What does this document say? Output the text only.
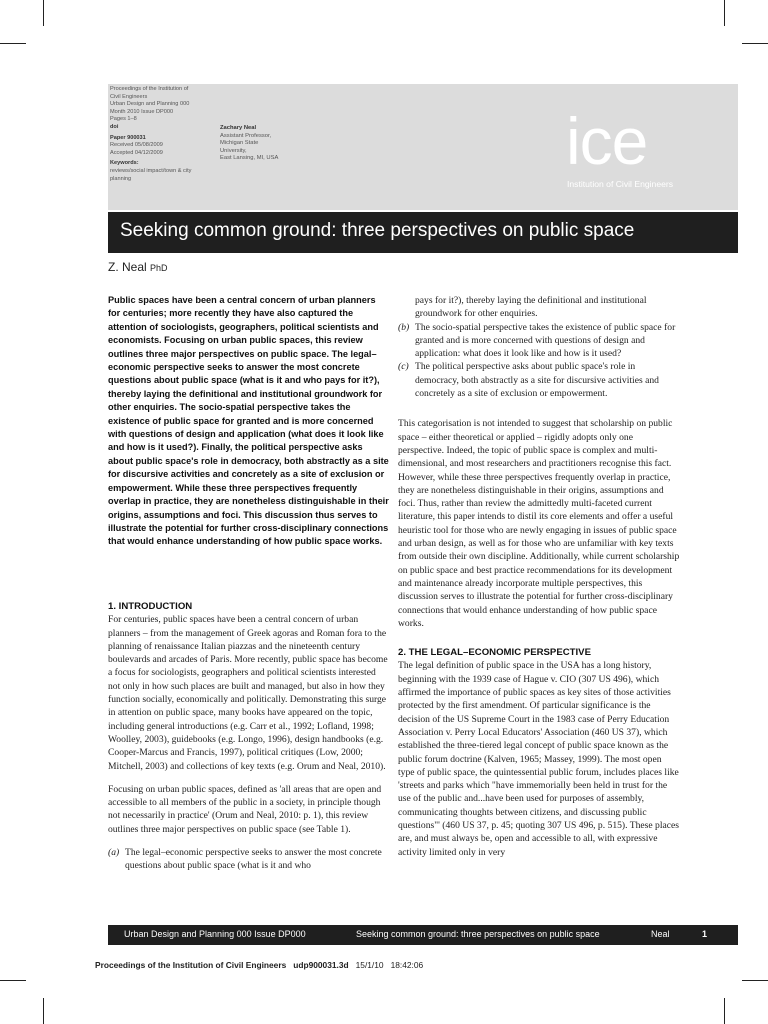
Proceedings of the Institution of
Civil Engineers
Urban Design and Planning 000
Month 2010 Issue DP000
Pages 1–8
doi
Paper 900031
Received 05/08/2009
Accepted 04/12/2009
Keywords:
reviews/social impact/town & city
planning
Zachary Neal
Assistant Professor,
Michigan State
University,
East Lansing, MI, USA	ice
Institution of Civil Engineers
Seeking common ground: three perspectives on public space
Z. Neal PhD
Public spaces have been a central concern of urban planners for centuries; more recently they have also captured the attention of sociologists, geographers, political scientists and economists. Focusing on urban public spaces, this review outlines three major perspectives on public space. The legal–economic perspective seeks to answer the most concrete questions about public space (what is it and who pays for it?), thereby laying the definitional and institutional groundwork for other enquiries. The socio-spatial perspective takes the existence of public space for granted and is more concerned with questions of design and application (what does it look like and how is it used?). Finally, the political perspective asks about public space's role in democracy, both abstractly as a site for discursive activities and concretely as a site of exclusion or empowerment. While these three perspectives frequently overlap in practice, they are nonetheless distinguishable in their origins, assumptions and foci. This discussion thus serves to illustrate the potential for further cross-disciplinary connections that would enhance understanding of how public space works.
1. INTRODUCTION

For centuries, public spaces have been a central concern of urban planners – from the management of Greek agoras and Roman fora to the planning of renaissance Italian piazzas and the nineteenth century boulevards and arcades of Paris. More recently, public space has become a focus for sociologists, geographers and political scientists interested not only in how such places are built and managed, but also in how they function socially, economically and politically. Demonstrating this surge in attention on public space, many books have appeared on the topic, including general introductions (e.g. Carr et al., 1992; Lofland, 1998; Woolley, 2003), guidebooks (e.g. Longo, 1996), design handbooks (e.g. Cooper-Marcus and Francis, 1997), political critiques (Low, 2000; Mitchell, 2003) and collections of key texts (e.g. Orum and Neal, 2010).

Focusing on urban public spaces, defined as 'all areas that are open and accessible to all members of the public in a society, in principle though not necessarily in practice' (Orum and Neal, 2010: p. 1), this review outlines three major perspectives on public space (see Table 1).

(a) The legal–economic perspective seeks to answer the most concrete questions about public space (what is it and who
pays for it?), thereby laying the definitional and institutional groundwork for other enquiries.
(b) The socio-spatial perspective takes the existence of public space for granted and is more concerned with questions of design and application: what does it look like and how is it used?
(c) The political perspective asks about public space's role in democracy, both abstractly as a site for discursive activities and concretely as a site of exclusion or empowerment.

This categorisation is not intended to suggest that scholarship on public space – either theoretical or applied – rigidly adopts only one perspective. Indeed, the topic of public space is complex and multi-dimensional, and most researchers and practitioners recognise this fact. However, while these three perspectives frequently overlap in practice, they are nonetheless distinguishable in their origins, assumptions and foci. Thus, rather than review the admittedly multi-faceted current literature, this paper intends to distil its core elements and offer a useful heuristic tool for those who are newly engaging in issues of public space and urban design, as well as for those who are unfamiliar with key texts from outside their own discipline. Additionally, while current scholarship on public space and best practice recommendations for its development and maintenance already incorporate multiple perspectives, this discussion serves to illustrate the potential for further cross-disciplinary connections that would enhance understanding of how public space works.

2. THE LEGAL–ECONOMIC PERSPECTIVE

The legal definition of public space in the USA has a long history, beginning with the 1939 case of Hague v. CIO (307 US 496), which affirmed the importance of public spaces as key sites of those activities protected by the first amendment. Of particular significance is the decision of the US Supreme Court in the 1983 case of Perry Education Association v. Perry Local Educators' Association (460 US 37), which established the three-tiered legal concept of public space known as the public forum doctrine (Kalven, 1965; Massey, 1999). The most open type of public space, the quintessential public forum, includes places like 'streets and parks which "have immemorially been held in trust for the use of the public and...have been used for purposes of assembly, communicating thoughts between citizens, and discussing public questions"' (460 US 37, p. 45; quoting 307 US 496, p. 515). These places are, and must always be, open and accessible to all, with expressive activity limited only in very

Urban Design and Planning 000 Issue DP000	Seeking common ground: three perspectives on public space	Neal	1
Proceedings of the Institution of Civil Engineers udp900031.3d 15/1/10 18:42:06
